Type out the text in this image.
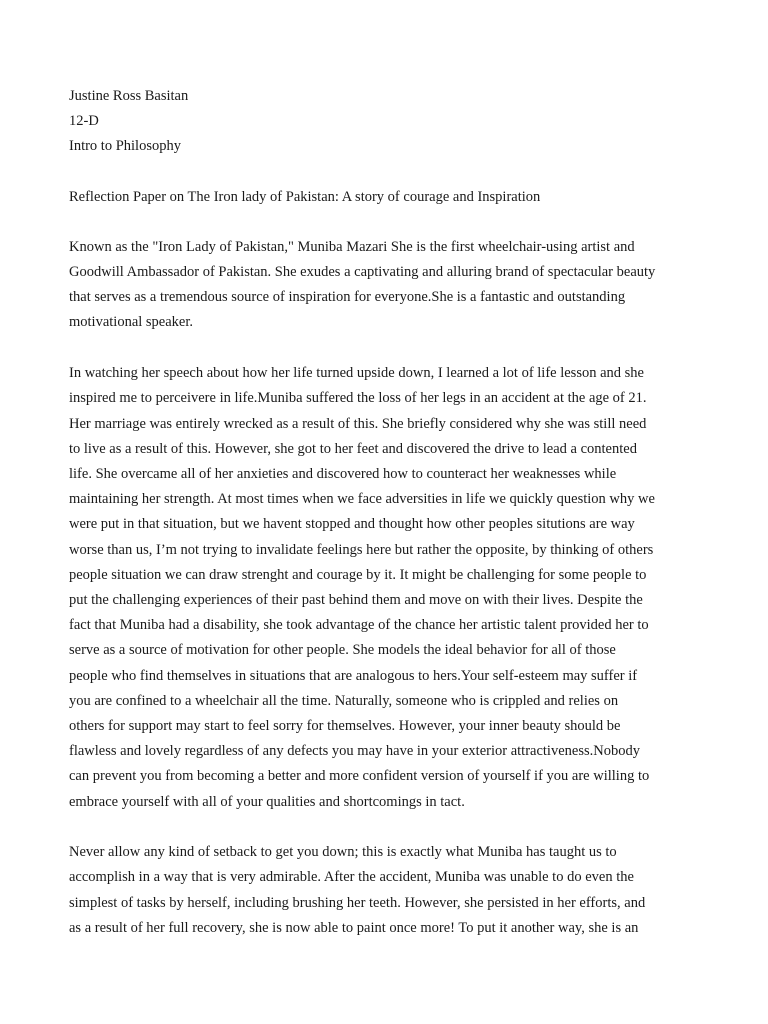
Justine Ross Basitan
12-D
Intro to Philosophy
Reflection Paper on The Iron lady of Pakistan: A story of courage and Inspiration
Known as the "Iron Lady of Pakistan," Muniba Mazari She is the first wheelchair-using artist and
Goodwill Ambassador of Pakistan. She exudes a captivating and alluring brand of spectacular beauty
that serves as a tremendous source of inspiration for everyone.She is a fantastic and outstanding
motivational speaker.
In watching her speech about how her life turned upside down, I learned a lot of life lesson and she
inspired me to perceivere in life.Muniba suffered the loss of her legs in an accident at the age of 21.
Her marriage was entirely wrecked as a result of this. She briefly considered why she was still need
to live as a result of this. However, she got to her feet and discovered the drive to lead a contented
life. She overcame all of her anxieties and discovered how to counteract her weaknesses while
maintaining her strength. At most times when we face adversities in life we quickly question why we
were put in that situation, but we havent stopped and thought how other peoples situtions are way
worse than us, I’m not trying to invalidate feelings here but rather the opposite, by thinking of others
people situation we can draw strenght and courage by it. It might be challenging for some people to
put the challenging experiences of their past behind them and move on with their lives. Despite the
fact that Muniba had a disability, she took advantage of the chance her artistic talent provided her to
serve as a source of motivation for other people. She models the ideal behavior for all of those
people who find themselves in situations that are analogous to hers.Your self-esteem may suffer if
you are confined to a wheelchair all the time. Naturally, someone who is crippled and relies on
others for support may start to feel sorry for themselves. However, your inner beauty should be
flawless and lovely regardless of any defects you may have in your exterior attractiveness.Nobody
can prevent you from becoming a better and more confident version of yourself if you are willing to
embrace yourself with all of your qualities and shortcomings in tact.
Never allow any kind of setback to get you down; this is exactly what Muniba has taught us to
accomplish in a way that is very admirable. After the accident, Muniba was unable to do even the
simplest of tasks by herself, including brushing her teeth. However, she persisted in her efforts, and
as a result of her full recovery, she is now able to paint once more! To put it another way, she is an
